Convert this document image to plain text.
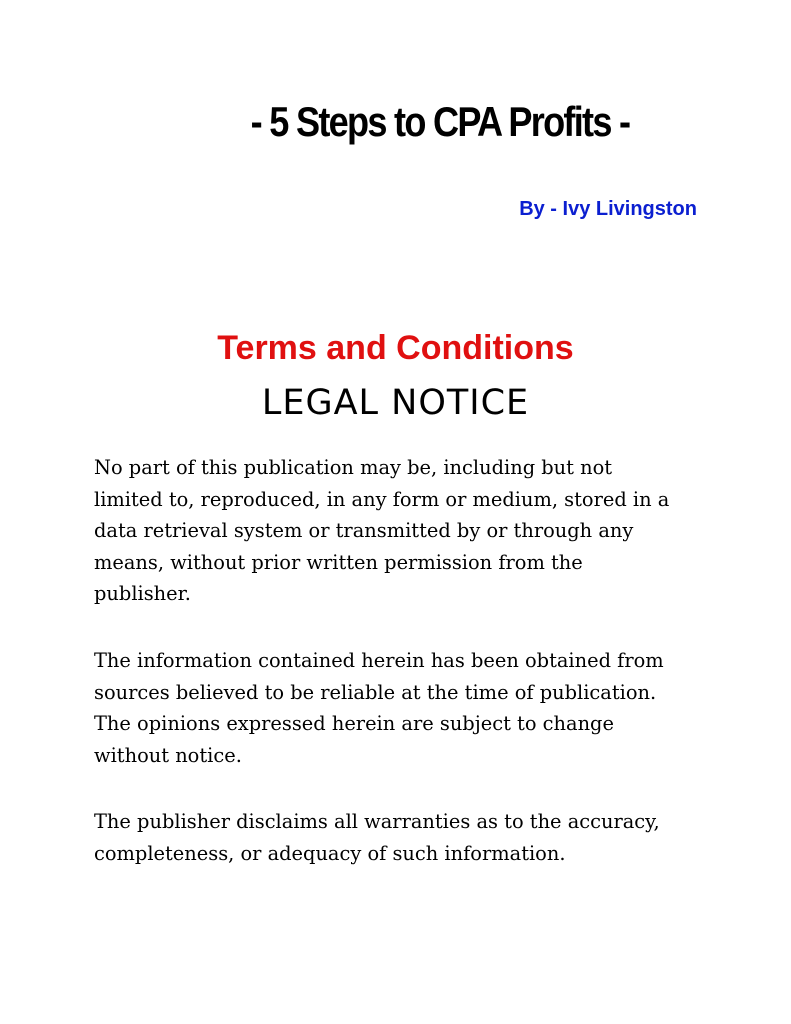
- 5 Steps to CPA Profits -

By - Ivy Livingston

Terms and Conditions
LEGAL NOTICE

No part of this publication may be, including but not
limited to, reproduced, in any form or medium, stored in a
data retrieval system or transmitted by or through any
means, without prior written permission from the
publisher.

The information contained herein has been obtained from
sources believed to be reliable at the time of publication.
The opinions expressed herein are subject to change
without notice.

The publisher disclaims all warranties as to the accuracy,
completeness, or adequacy of such information.
